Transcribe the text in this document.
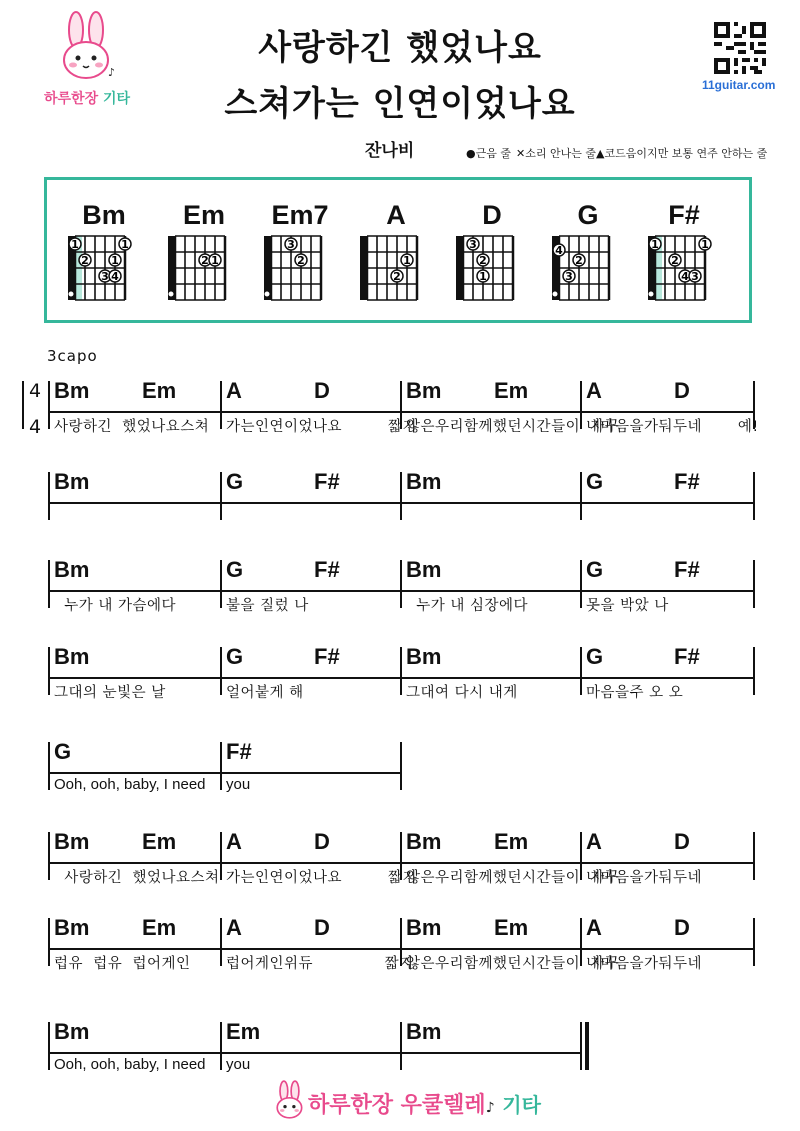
♪
하루한장 기타
사랑하긴 했었나요
스쳐가는 인연이었나요	11guitar.com
잔나비	●근음 줄 ✕소리 안나는 줄 ▲코드음이지만 보통 연주 안하는 줄
Bm
1	1
2
3 4
1
Em
2 1
Em7
3
2
A
1
2
D
3
2
1
G
4
2
3
F#
1	1
2
4 3
3capo
4
4
Bm Em
사랑하긴  했었나요스쳐
A	D
가는인연이었나요         짧지
Bm Em
않은우리함께했던시간들이  자꾸
A	D
내마음을가둬두네       예!
Bm	G	F#	Bm	G	F#
Bm
누가 내 가슴에다
G	F#
불을 질렀 나
Bm
누가 내 심장에다
G	F#
못을 박았 나
Bm
그대의 눈빛은 날
G	F#
얼어붙게 해
Bm
그대여 다시 내게
G	F#
마음을주 오 오
G
Ooh, ooh, baby, I need
F#
you
Bm Em
사랑하긴  했었나요스쳐
A	D
가는인연이었나요         짧지
Bm Em
않은우리함께했던시간들이  자꾸
A	D
내마음을가둬두네
Bm Em
럽유  럽유  럽어게인
A	D
럽어게인위듀              짧지
Bm Em
않은우리함께했던시간들이  자꾸
A	D
내마음을가둬두네
Bm
Ooh, ooh, baby, I need
Em
you
Bm
하루한장 우쿨렐레♪ 기타
